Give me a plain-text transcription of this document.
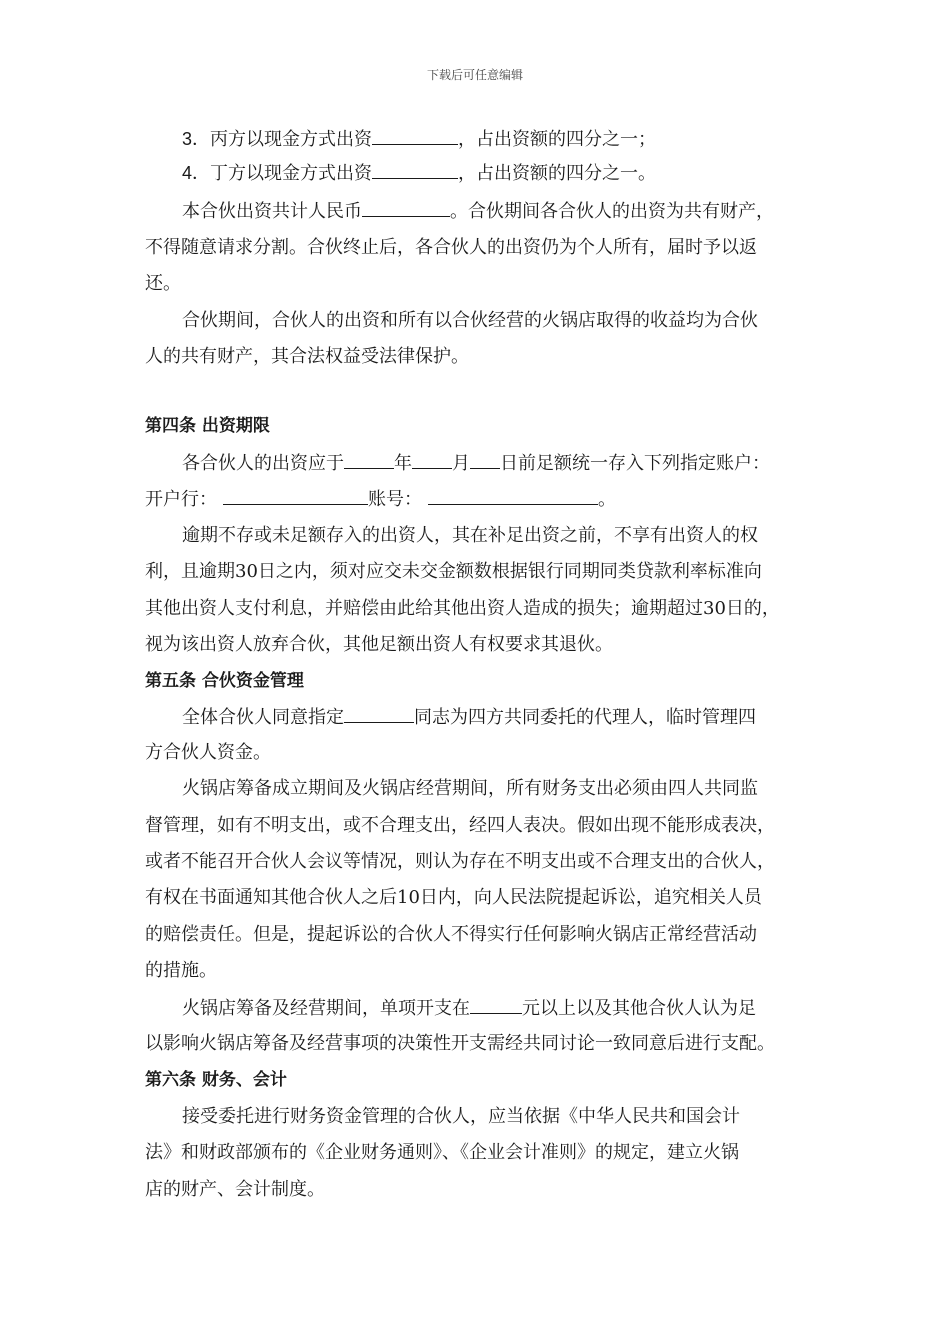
下载后可任意编辑
3．丙方以现金方式出资	，占出资额的四分之一；
4．丁方以现金方式出资	，占出资额的四分之一。
本合伙出资共计人民币	。合伙期间各合伙人的出资为共有财产，
不得随意请求分割。合伙终止后，各合伙人的出资仍为个人所有，届时予以返
还。
合伙期间，合伙人的出资和所有以合伙经营的火锅店取得的收益均为合伙
人的共有财产，其合法权益受法律保护。
第四条 出资期限
各合伙人的出资应于	年 月 日前足额统一存入下列指定账户：
开户行：	账号：	。
逾期不存或未足额存入的出资人，其在补足出资之前，不享有出资人的权
利，且逾期30日之内，须对应交未交金额数根据银行同期同类贷款利率标准向
其他出资人支付利息，并赔偿由此给其他出资人造成的损失；逾期超过30日的，
视为该出资人放弃合伙，其他足额出资人有权要求其退伙。
第五条 合伙资金管理
全体合伙人同意指定	同志为四方共同委托的代理人，临时管理四
方合伙人资金。
火锅店筹备成立期间及火锅店经营期间，所有财务支出必须由四人共同监
督管理，如有不明支出，或不合理支出，经四人表决。假如出现不能形成表决，
或者不能召开合伙人会议等情况，则认为存在不明支出或不合理支出的合伙人，
有权在书面通知其他合伙人之后10日内，向人民法院提起诉讼，追究相关人员
的赔偿责任。但是，提起诉讼的合伙人不得实行任何影响火锅店正常经营活动
的措施。
火锅店筹备及经营期间，单项开支在	元以上以及其他合伙人认为足
以影响火锅店筹备及经营事项的决策性开支需经共同讨论一致同意后进行支配。
第六条 财务、会计
接受委托进行财务资金管理的合伙人，应当依据《中华人民共和国会计
法》和财政部颁布的《企业财务通则》、《企业会计准则》的规定，建立火锅
店的财产、会计制度。
